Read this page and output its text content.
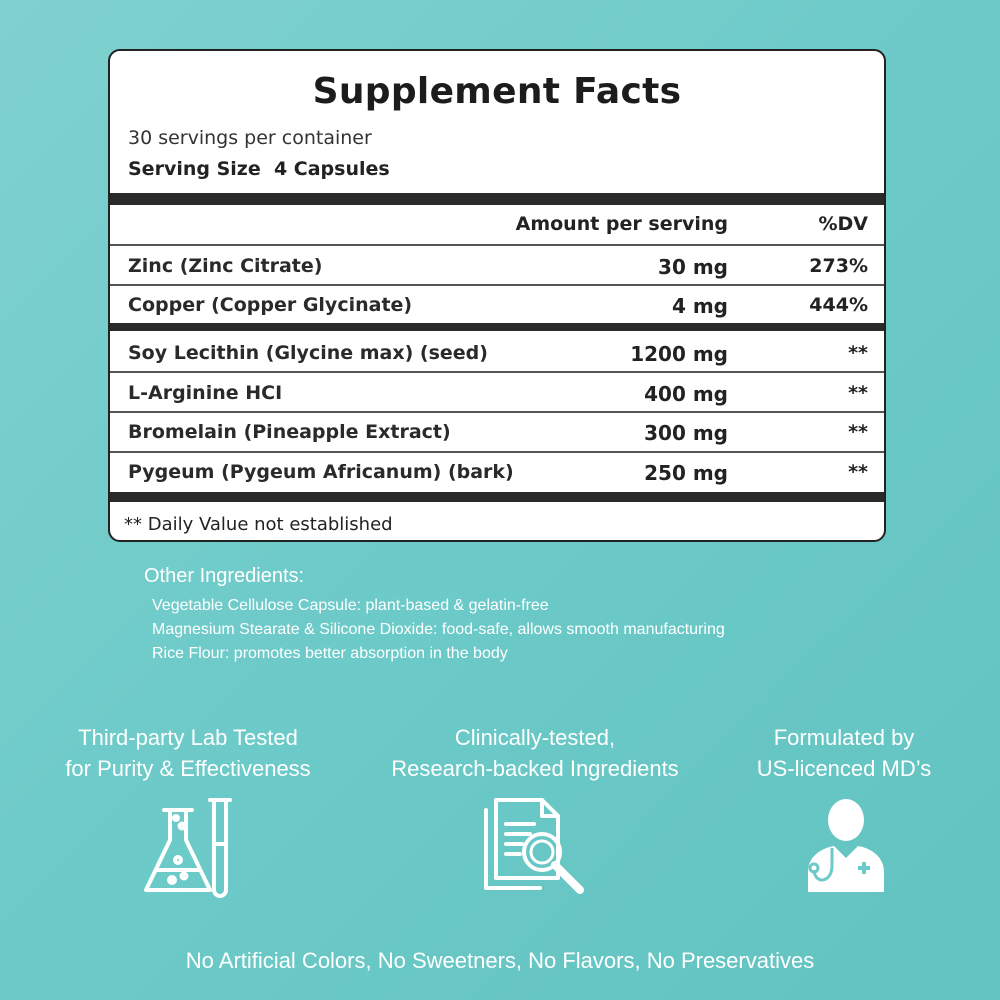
Supplement Facts
30 servings per container
Serving Size  4 Capsules
Amount per serving	%DV
Zinc (Zinc Citrate)	30 mg	273%
Copper (Copper Glycinate)	4 mg	444%
Soy Lecithin (Glycine max) (seed)	1200 mg	**
L-Arginine HCI	400 mg	**
Bromelain (Pineapple Extract)	300 mg	**
Pygeum (Pygeum Africanum) (bark)	250 mg	**
** Daily Value not established
Other Ingredients:
Vegetable Cellulose Capsule: plant-based & gelatin-free
Magnesium Stearate & Silicone Dioxide: food-safe, allows smooth manufacturing
Rice Flour: promotes better absorption in the body
Third-party Lab Tested
for Purity & Effectiveness
Clinically-tested,
Research-backed Ingredients
Formulated by
US-licenced MD’s
No Artificial Colors, No Sweetners, No Flavors, No Preservatives
